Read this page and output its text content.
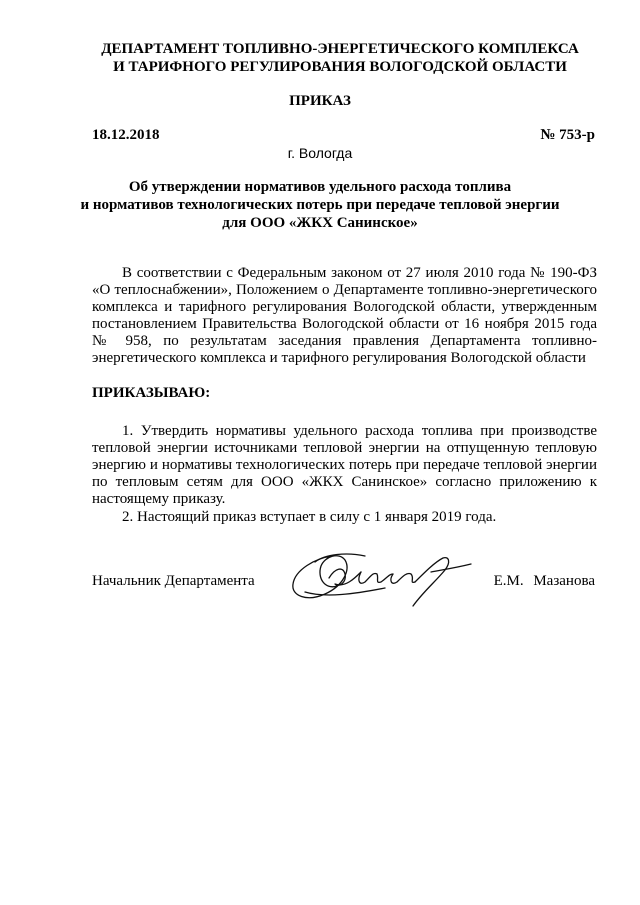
ДЕПАРТАМЕНТ ТОПЛИВНО-ЭНЕРГЕТИЧЕСКОГО КОМПЛЕКСА
И ТАРИФНОГО РЕГУЛИРОВАНИЯ ВОЛОГОДСКОЙ ОБЛАСТИ
ПРИКАЗ
18.12.2018	№ 753-р
г. Вологда
Об утверждении нормативов удельного расхода топлива
и нормативов технологических потерь при передаче тепловой энергии
для ООО «ЖКХ Санинское»
В соответствии с Федеральным законом от 27 июля 2010 года № 190-ФЗ «О теплоснабжении», Положением о Департаменте топливно-энергетического комплекса и тарифного регулирования Вологодской области, утвержденным постановлением Правительства Вологодской области от 16 ноября 2015 года № 958, по результатам заседания правления Департамента топливно-энергетического комплекса и тарифного регулирования Вологодской области
ПРИКАЗЫВАЮ:
1. Утвердить нормативы удельного расхода топлива при производстве тепловой энергии источниками тепловой энергии на отпущенную тепловую энергию и нормативы технологических потерь при передаче тепловой энергии по тепловым сетям для ООО «ЖКХ Санинское» согласно приложению к настоящему приказу.
2. Настоящий приказ вступает в силу с 1 января 2019 года.
Начальник Департамента	Е.М. Мазанова
